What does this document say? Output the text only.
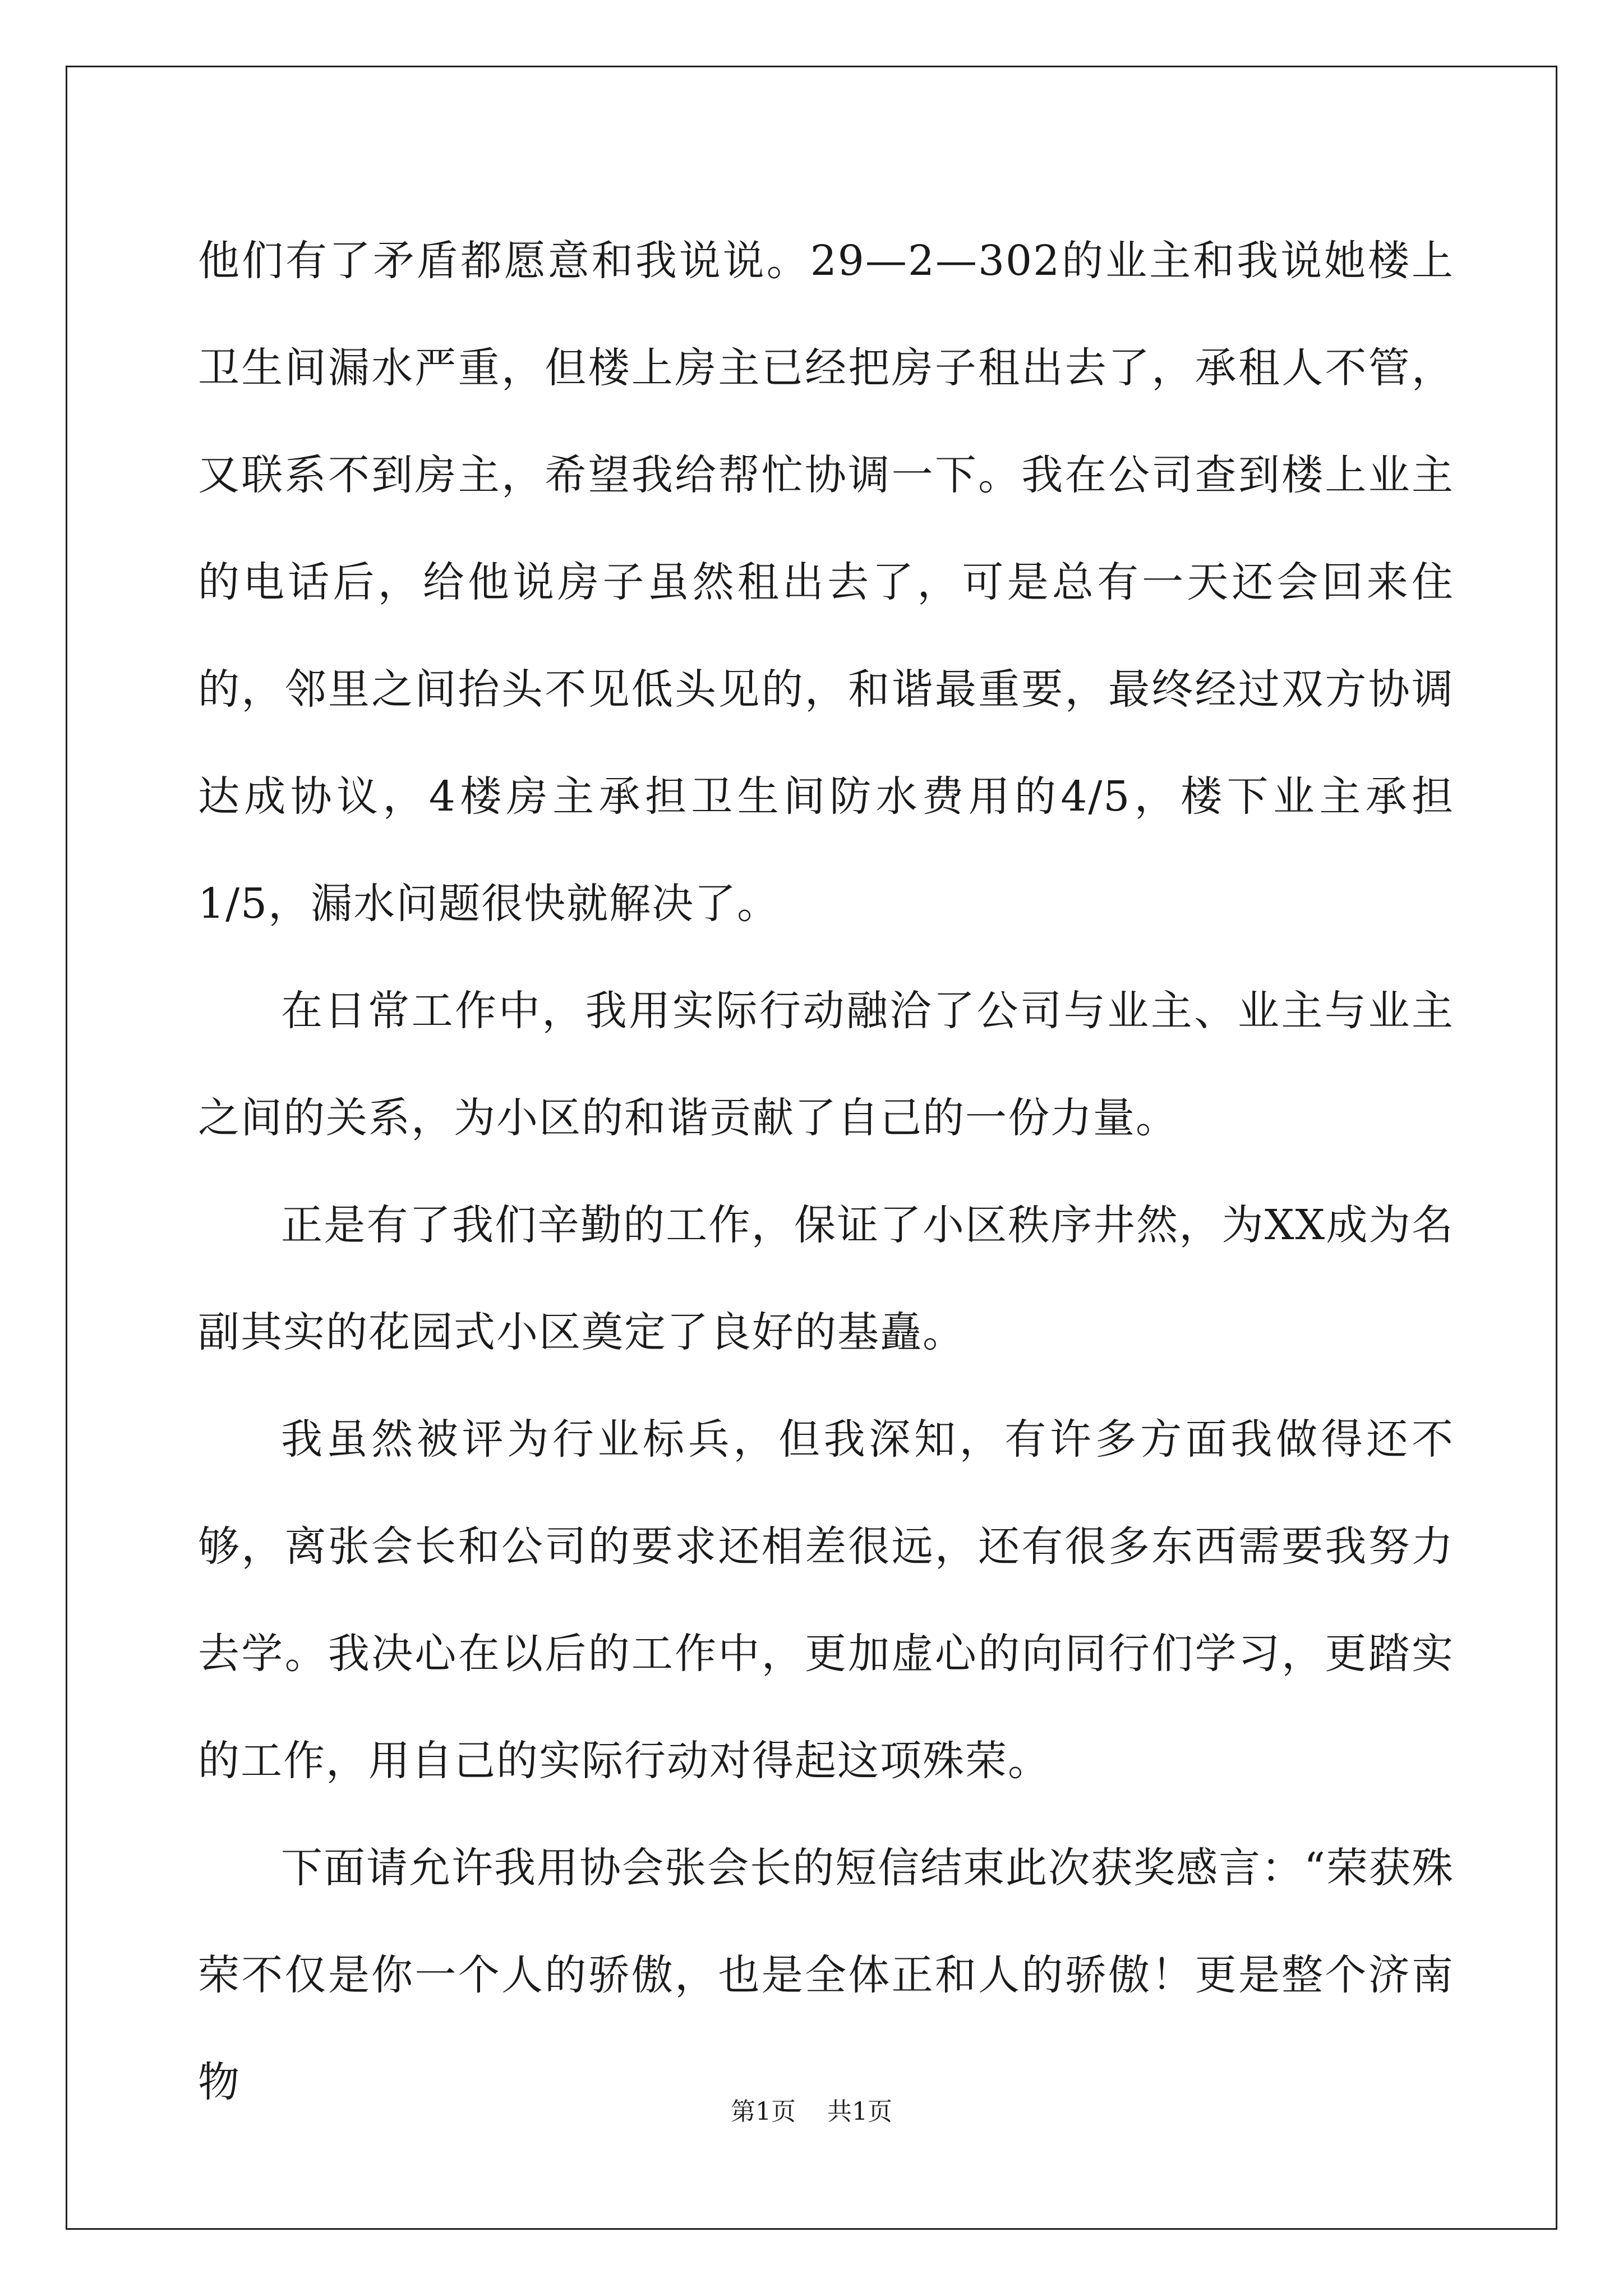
他们有了矛盾都愿意和我说说。29—2—302的业主和我说她楼上卫生间漏水严重，但楼上房主已经把房子租出去了，承租人不管，又联系不到房主，希望我给帮忙协调一下。我在公司查到楼上业主的电话后，给他说房子虽然租出去了，可是总有一天还会回来住的，邻里之间抬头不见低头见的，和谐最重要，最终经过双方协调达成协议，4楼房主承担卫生间防水费用的4/5，楼下业主承担1/5，漏水问题很快就解决了。

在日常工作中，我用实际行动融洽了公司与业主、业主与业主之间的关系，为小区的和谐贡献了自己的一份力量。

正是有了我们辛勤的工作，保证了小区秩序井然，为XX成为名副其实的花园式小区奠定了良好的基矗。

我虽然被评为行业标兵，但我深知，有许多方面我做得还不够，离张会长和公司的要求还相差很远，还有很多东西需要我努力去学。我决心在以后的工作中，更加虚心的向同行们学习，更踏实的工作，用自己的实际行动对得起这项殊荣。

下面请允许我用协会张会长的短信结束此次获奖感言：“荣获殊荣不仅是你一个人的骄傲，也是全体正和人的骄傲！更是整个济南物

第1页 共1页
